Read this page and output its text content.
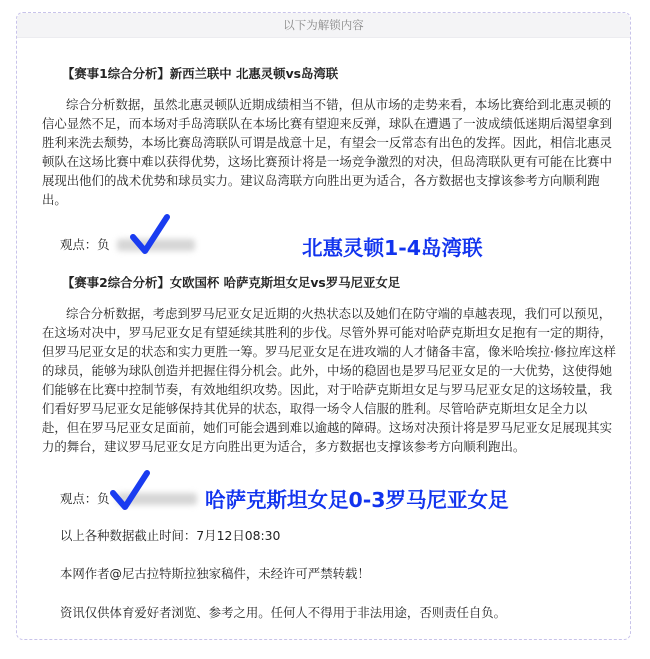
以下为解锁内容
【赛事1综合分析】新西兰联中 北惠灵顿vs岛湾联
综合分析数据，虽然北惠灵顿队近期成绩相当不错，但从市场的走势来看，本场比赛给到北惠灵顿的
信心显然不足，而本场对手岛湾联队在本场比赛有望迎来反弹，球队在遭遇了一波成绩低迷期后渴望拿到
胜利来洗去颓势，本场比赛岛湾联队可谓是战意十足，有望会一反常态有出色的发挥。因此，相信北惠灵
顿队在这场比赛中难以获得优势，这场比赛预计将是一场竞争激烈的对决，但岛湾联队更有可能在比赛中
展现出他们的战术优势和球员实力。建议岛湾联方向胜出更为适合，各方数据也支撑该参考方向顺利跑
出。
观点：负	北惠灵顿1-4岛湾联
【赛事2综合分析】女欧国杯 哈萨克斯坦女足vs罗马尼亚女足
综合分析数据，考虑到罗马尼亚女足近期的火热状态以及她们在防守端的卓越表现，我们可以预见，
在这场对决中，罗马尼亚女足有望延续其胜利的步伐。尽管外界可能对哈萨克斯坦女足抱有一定的期待，
但罗马尼亚女足的状态和实力更胜一筹。罗马尼亚女足在进攻端的人才储备丰富，像米哈埃拉·修拉库这样
的球员，能够为球队创造并把握住得分机会。此外，中场的稳固也是罗马尼亚女足的一大优势，这使得她
们能够在比赛中控制节奏，有效地组织攻势。因此，对于哈萨克斯坦女足与罗马尼亚女足的这场较量，我
们看好罗马尼亚女足能够保持其优异的状态，取得一场令人信服的胜利。尽管哈萨克斯坦女足全力以
赴，但在罗马尼亚女足面前，她们可能会遇到难以逾越的障碍。这场对决预计将是罗马尼亚女足展现其实
力的舞台，建议罗马尼亚女足方向胜出更为适合，多方数据也支撑该参考方向顺利跑出。
观点：负	哈萨克斯坦女足0-3罗马尼亚女足
以上各种数据截止时间：7月12日08:30
本网作者@尼古拉特斯拉独家稿件，未经许可严禁转载！
资讯仅供体育爱好者浏览、参考之用。任何人不得用于非法用途，否则责任自负。
